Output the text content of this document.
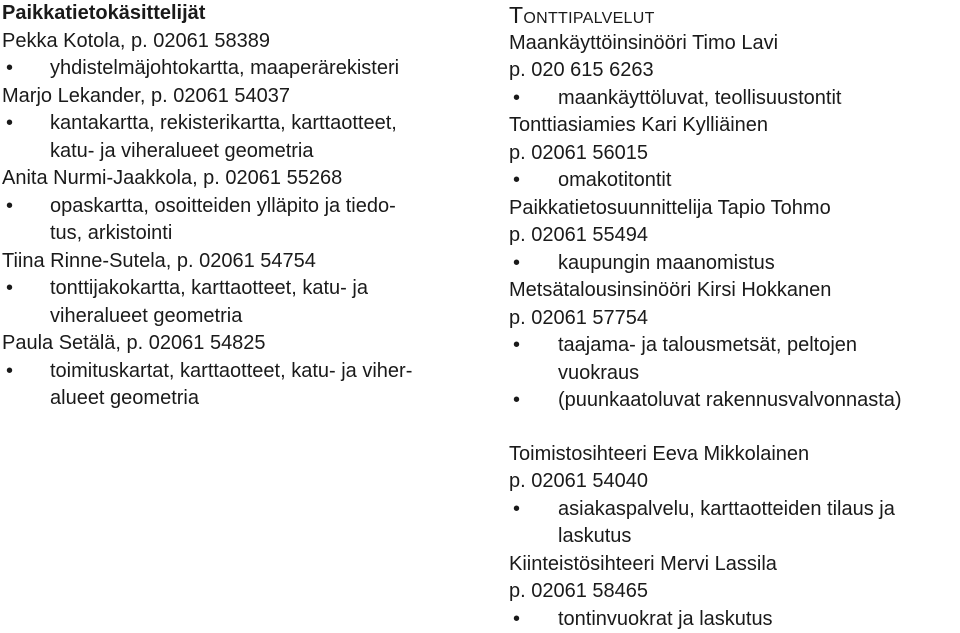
Paikkatietokäsittelijät
Pekka Kotola, p. 02061 58389
• yhdistelmäjohtokartta, maaperärekisteri
Marjo Lekander, p. 02061 54037
• kantakartta, rekisterikartta, karttaotteet,
katu- ja viheralueet geometria
Anita Nurmi-Jaakkola, p. 02061 55268
• opaskartta, osoitteiden ylläpito ja tiedo-
tus, arkistointi
Tiina Rinne-Sutela, p. 02061 54754
• tonttijakokartta, karttaotteet, katu- ja
viheralueet geometria
Paula Setälä, p. 02061 54825
• toimituskartat, karttaotteet, katu- ja viher-
alueet geometria
Tonttipalvelut
Maankäyttöinsinööri Timo Lavi
p. 020 615 6263
• maankäyttöluvat, teollisuustontit
Tonttiasiamies Kari Kylliäinen
p. 02061 56015
• omakotitontit
Paikkatietosuunnittelija Tapio Tohmo
p. 02061 55494
• kaupungin maanomistus
Metsätalousinsinööri Kirsi Hokkanen
p. 02061 57754
• taajama- ja talousmetsät, peltojen
vuokraus
• (puunkaatoluvat rakennusvalvonnasta)
Toimistosihteeri Eeva Mikkolainen
p. 02061 54040
• asiakaspalvelu, karttaotteiden tilaus ja
laskutus
Kiinteistösihteeri Mervi Lassila
p. 02061 58465
• tontinvuokrat ja laskutus
